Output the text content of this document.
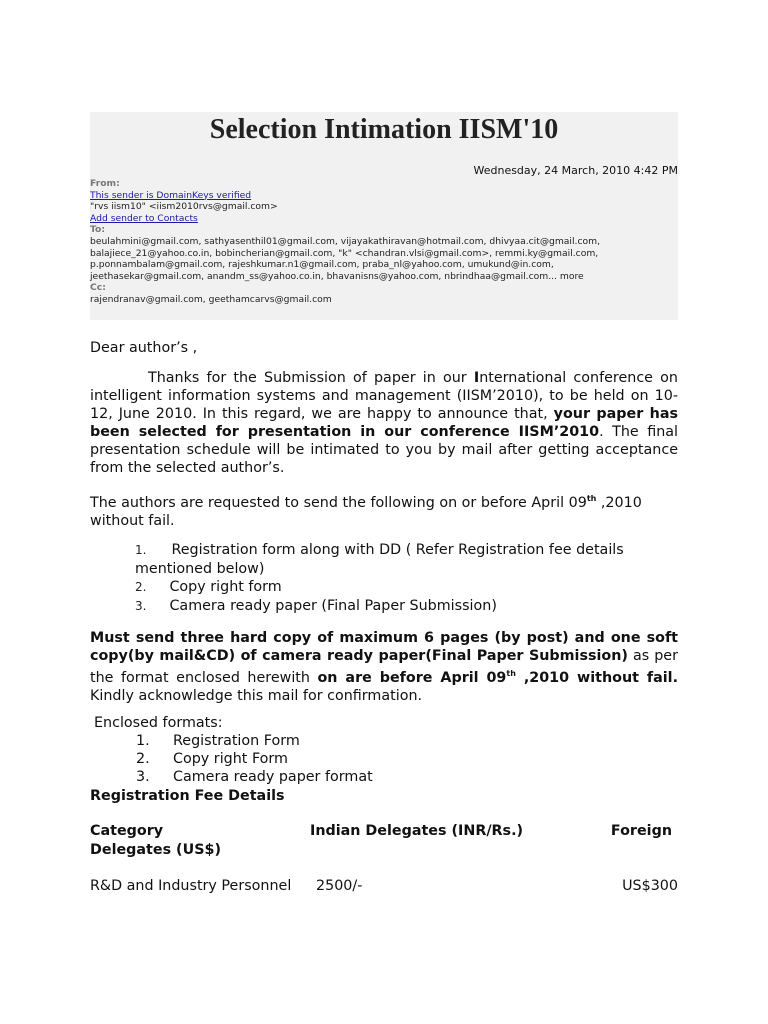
Selection Intimation IISM'10
Wednesday, 24 March, 2010 4:42 PM
From:
This sender is DomainKeys verified
"rvs iism10" <iism2010rvs@gmail.com>
Add sender to Contacts
To:
beulahmini@gmail.com, sathyasenthil01@gmail.com, vijayakathiravan@hotmail.com, dhivyaa.cit@gmail.com,
balajiece_21@yahoo.co.in, bobincherian@gmail.com, "k" <chandran.vlsi@gmail.com>, remmi.ky@gmail.com,
p.ponnambalam@gmail.com, rajeshkumar.n1@gmail.com, praba_nl@yahoo.com, umukund@in.com,
jeethasekar@gmail.com, anandm_ss@yahoo.co.in, bhavanisns@yahoo.com, nbrindhaa@gmail.com... more
Cc:
rajendranav@gmail.com, geethamcarvs@gmail.com
Dear author’s ,
Thanks for the Submission of paper in our International conference on intelligent information systems and management (IISM’2010), to be held on 10-12, June 2010. In this regard, we are happy to announce that, your paper has been selected for presentation in our conference IISM’2010. The final presentation schedule will be intimated to you by mail after getting acceptance from the selected author’s.
The authors are requested to send the following on or before April 09th ,2010 without fail.
1. Registration form along with DD ( Refer Registration fee details mentioned below)
2. Copy right form
3. Camera ready paper (Final Paper Submission)
Must send three hard copy of maximum 6 pages (by post) and one soft copy(by mail&CD) of camera ready paper(Final Paper Submission) as per the format enclosed herewith on are before April 09th ,2010 without fail. Kindly acknowledge this mail for confirmation.
Enclosed formats:
1.	Registration Form
2.	Copy right Form
3.	Camera ready paper format
Registration Fee Details
Category	Indian Delegates (INR/Rs.)	Foreign
Delegates (US$)
R&D and Industry Personnel 2500/-	US$300
